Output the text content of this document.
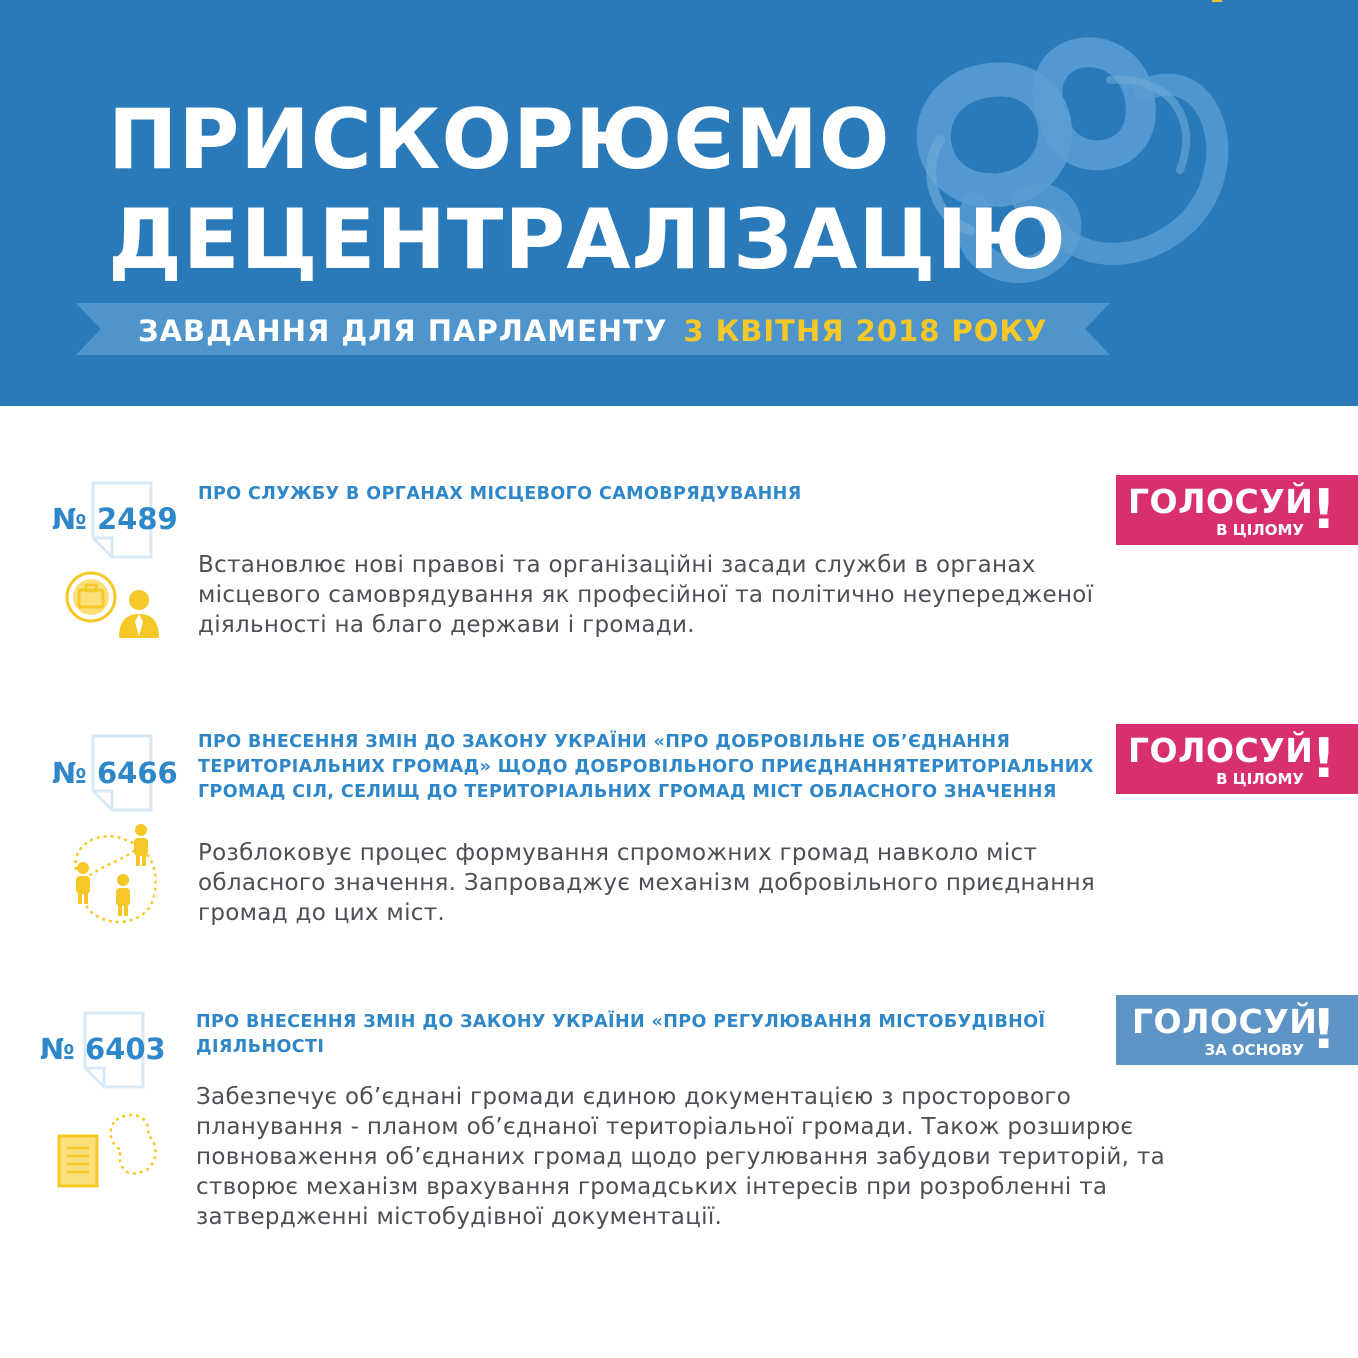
ПРИСКОРЮЄМО
ДЕЦЕНТРАЛІЗАЦІЮ
ЗАВДАННЯ ДЛЯ ПАРЛАМЕНТУ 3 КВІТНЯ 2018 РОКУ
№ 2489
ПРО СЛУЖБУ В ОРГАНАХ МІСЦЕВОГО САМОВРЯДУВАННЯ

Встановлює нові правові та організаційні засади служби в органах місцевого самоврядування як професійної та політично неупередженої діяльності на благо держави і громади.

ГОЛОСУЙ
В ЦІЛОМУ !
№ 6466
ПРО ВНЕСЕННЯ ЗМІН ДО ЗАКОНУ УКРАЇНИ «ПРО ДОБРОВІЛЬНЕ ОБ’ЄДНАННЯ ТЕРИТОРІАЛЬНИХ ГРОМАД» ЩОДО ДОБРОВІЛЬНОГО ПРИЄДНАННЯТЕРИТОРІАЛЬНИХ ГРОМАД СІЛ, СЕЛИЩ ДО ТЕРИТОРІАЛЬНИХ ГРОМАД МІСТ ОБЛАСНОГО ЗНАЧЕННЯ

Розблоковує процес формування спроможних громад навколо міст обласного значення. Запроваджує механізм добровільного приєднання громад до цих міст.

ГОЛОСУЙ
В ЦІЛОМУ !
№ 6403
ПРО ВНЕСЕННЯ ЗМІН ДО ЗАКОНУ УКРАЇНИ «ПРО РЕГУЛЮВАННЯ МІСТОБУДІВНОЇ ДІЯЛЬНОСТІ

Забезпечує об’єднані громади єдиною документацією з просторового планування - планом об’єднаної територіальної громади. Також розширює повноваження об’єднаних громад щодо регулювання забудови територій, та створює механізм врахування громадських інтересів при розробленні та затвердженні містобудівної документації.

ГОЛОСУЙ
ЗА ОСНОВУ !
